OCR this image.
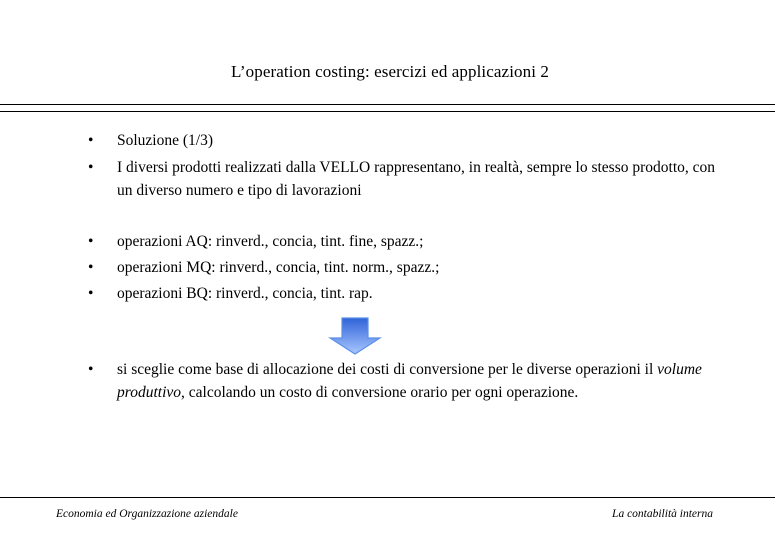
L’operation costing: esercizi ed applicazioni 2
•	Soluzione (1/3)
•	I diversi prodotti realizzati dalla VELLO rappresentano, in realtà, sempre lo stesso prodotto, con un diverso numero e tipo di lavorazioni
•	operazioni AQ: rinverd., concia, tint. fine, spazz.;
•	operazioni MQ: rinverd., concia, tint. norm., spazz.;
•	operazioni BQ: rinverd., concia, tint. rap.
•	si sceglie come base di allocazione dei costi di conversione per le diverse operazioni il volume produttivo, calcolando un costo di conversione orario per ogni operazione.
Economia ed Organizzazione aziendale	La contabilità interna
